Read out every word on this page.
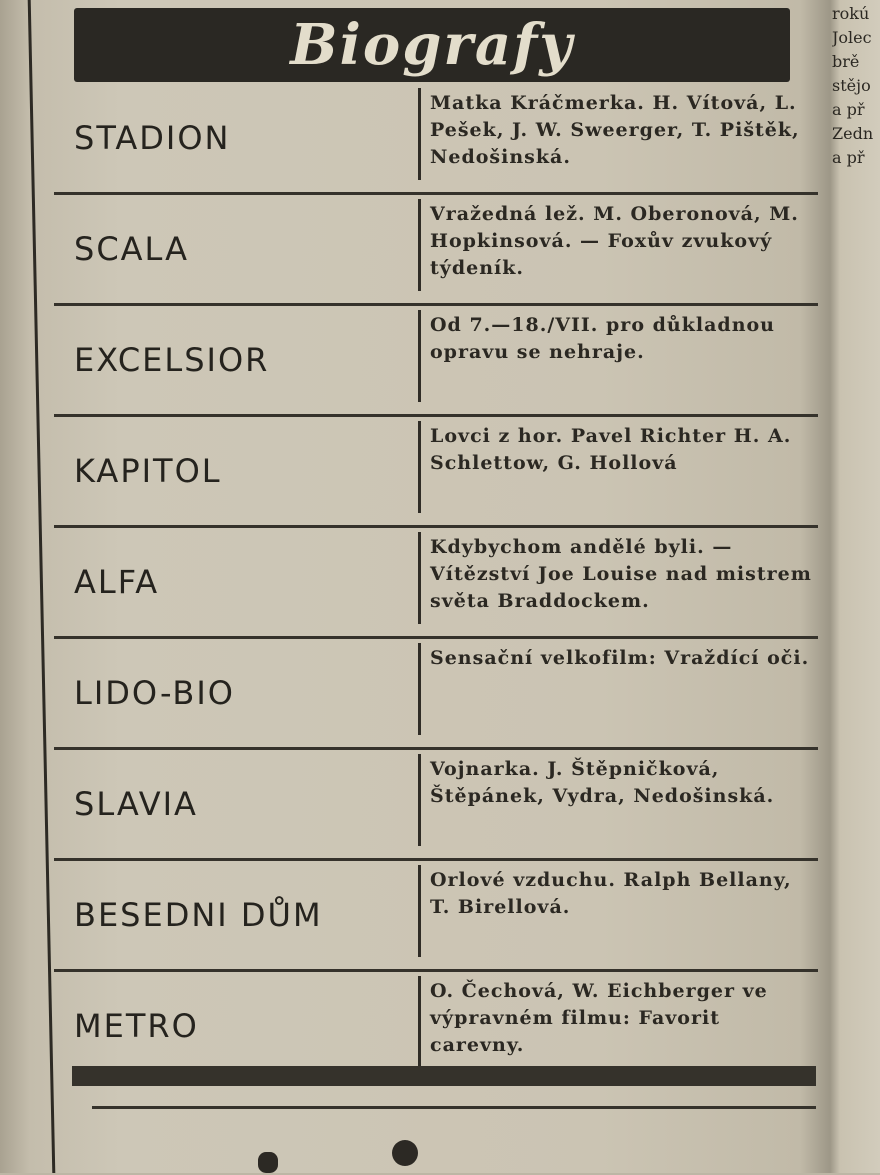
Biografy
STADION
Matka Kráčmerka. H. Vítová, L. Pešek, J. W. Sweerger, T. Pištěk, Nedošinská.
SCALA
Vražedná lež. M. Oberonová, M. Hopkinsová. — Foxův zvukový týdeník.
EXCELSIOR
Od 7.—18./VII. pro důkladnou opravu se nehraje.
KAPITOL
Lovci z hor. Pavel Richter H. A. Schlettow, G. Hollová
ALFA
Kdybychom andělé byli. — Vítězství Joe Louise nad mistrem světa Braddockem.
LIDO-BIO
Sensační velkofilm: Vraždící oči.
SLAVIA
Vojnarka. J. Štěpničková, Štěpánek, Vydra, Nedošinská.
BESEDNI DŮM
Orlové vzduchu. Ralph Bellany, T. Birellová.
METRO
O. Čechová, W. Eichberger ve výpravném filmu: Favorit carevny.
rokú
Jolec
brě
stějo
a př
Zedn
a př
